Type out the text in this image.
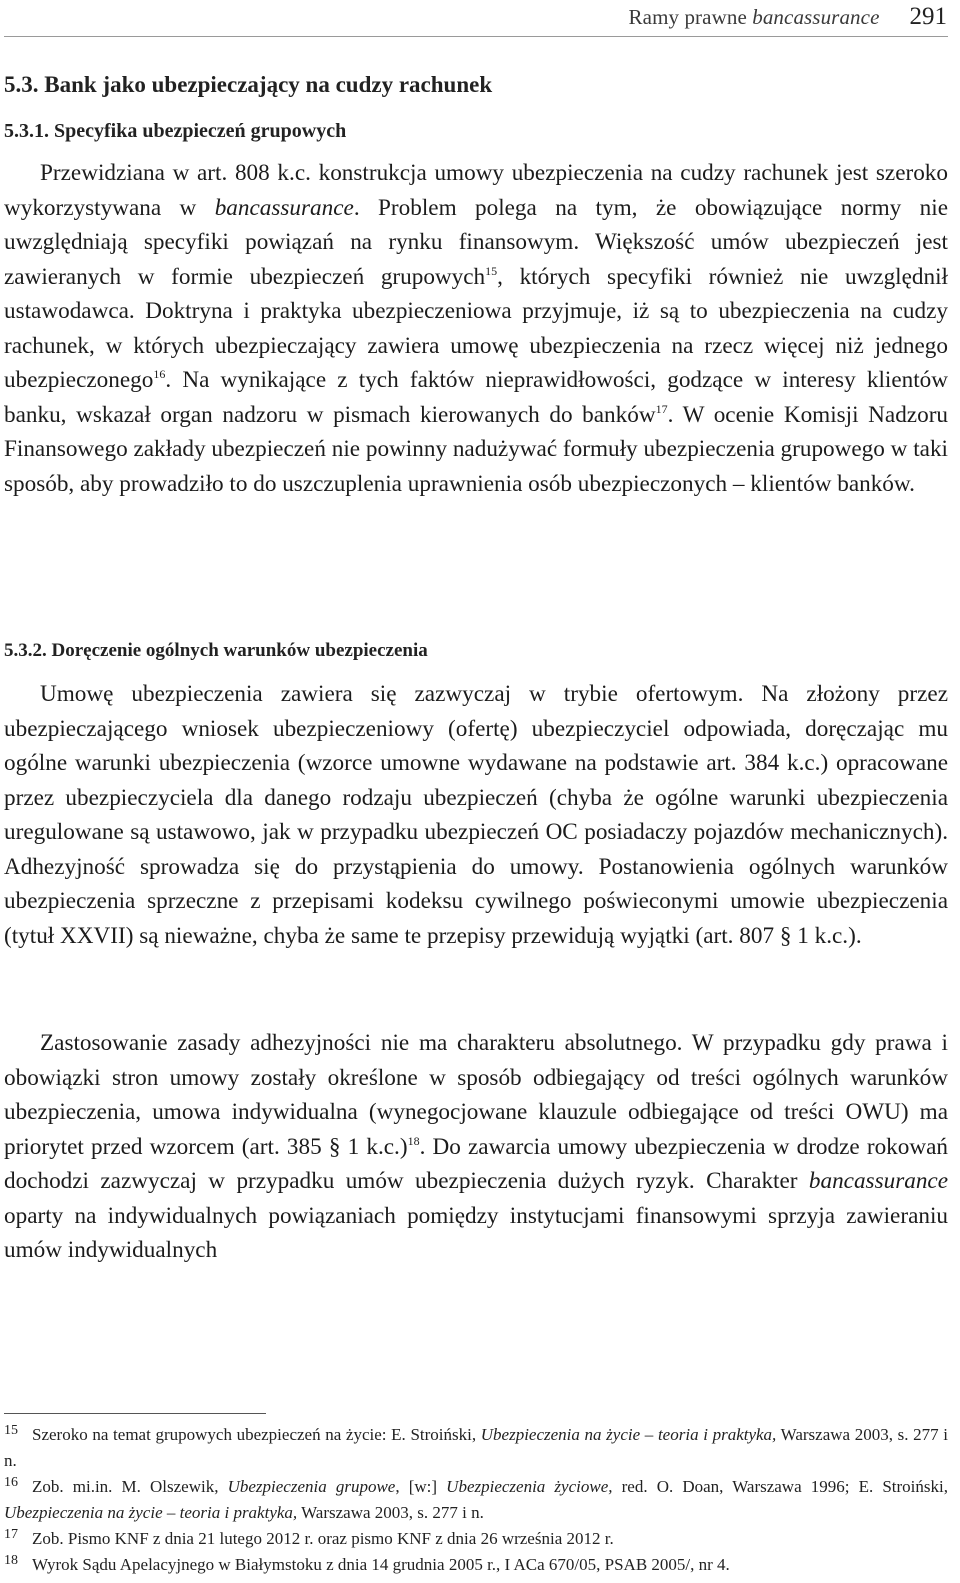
Ramy prawne bancassurance 291
5.3. Bank jako ubezpieczający na cudzy rachunek
5.3.1. Specyfika ubezpieczeń grupowych

Przewidziana w art. 808 k.c. konstrukcja umowy ubezpieczenia na cudzy rachunek jest szeroko wykorzystywana w bancassurance. Problem polega na tym, że obowiązujące normy nie uwzględniają specyfiki powiązań na rynku finansowym. Większość umów ubezpieczeń jest zawieranych w formie ubezpieczeń grupowych$^{15}$, których specyfiki również nie uwzględnił ustawodawca. Doktryna i praktyka ubezpieczeniowa przyjmuje, iż są to ubezpieczenia na cudzy rachunek, w których ubezpieczający zawiera umowę ubezpieczenia na rzecz więcej niż jednego ubezpieczonego$^{16}$. Na wynikające z tych faktów nieprawidłowości, godzące w interesy klientów banku, wskazał organ nadzoru w pismach kierowanych do banków$^{17}$. W ocenie Komisji Nadzoru Finansowego zakłady ubezpieczeń nie powinny nadużywać formuły ubezpieczenia grupowego w taki sposób, aby prowadziło to do uszczuplenia uprawnienia osób ubezpieczonych – klientów banków.

5.3.2. Doręczenie ogólnych warunków ubezpieczenia

Umowę ubezpieczenia zawiera się zazwyczaj w trybie ofertowym. Na złożony przez ubezpieczającego wniosek ubezpieczeniowy (ofertę) ubezpieczyciel odpowiada, doręczając mu ogólne warunki ubezpieczenia (wzorce umowne wydawane na podstawie art. 384 k.c.) opracowane przez ubezpieczyciela dla danego rodzaju ubezpieczeń (chyba że ogólne warunki ubezpieczenia uregulowane są ustawowo, jak w przypadku ubezpieczeń OC posiadaczy pojazdów mechanicznych). Adhezyjność sprowadza się do przystąpienia do umowy. Postanowienia ogólnych warunków ubezpieczenia sprzeczne z przepisami kodeksu cywilnego poświeconymi umowie ubezpieczenia (tytuł XXVII) są nieważne, chyba że same te przepisy przewidują wyjątki (art. 807 § 1 k.c.).

Zastosowanie zasady adhezyjności nie ma charakteru absolutnego. W przypadku gdy prawa i obowiązki stron umowy zostały określone w sposób odbiegający od treści ogólnych warunków ubezpieczenia, umowa indywidualna (wynegocjowane klauzule odbiegające od treści OWU) ma priorytet przed wzorcem (art. 385 § 1 k.c.)$^{18}$. Do zawarcia umowy ubezpieczenia w drodze rokowań dochodzi zazwyczaj w przypadku umów ubezpieczenia dużych ryzyk. Charakter bancassurance oparty na indywidualnych powiązaniach pomiędzy instytucjami finansowymi sprzyja zawieraniu umów indywidualnych

$^{15}$ Szeroko na temat grupowych ubezpieczeń na życie: E. Stroiński, Ubezpieczenia na życie – teoria i praktyka, Warszawa 2003, s. 277 i n.

$^{16}$ Zob. mi.in. M. Olszewik, Ubezpieczenia grupowe, [w:] Ubezpieczenia życiowe, red. O. Doan, Warszawa 1996; E. Stroiński, Ubezpieczenia na życie – teoria i praktyka, Warszawa 2003, s. 277 i n.

$^{17}$ Zob. Pismo KNF z dnia 21 lutego 2012 r. oraz pismo KNF z dnia 26 września 2012 r.

$^{18}$ Wyrok Sądu Apelacyjnego w Białymstoku z dnia 14 grudnia 2005 r., I ACa 670/05, PSAB 2005/, nr 4.
